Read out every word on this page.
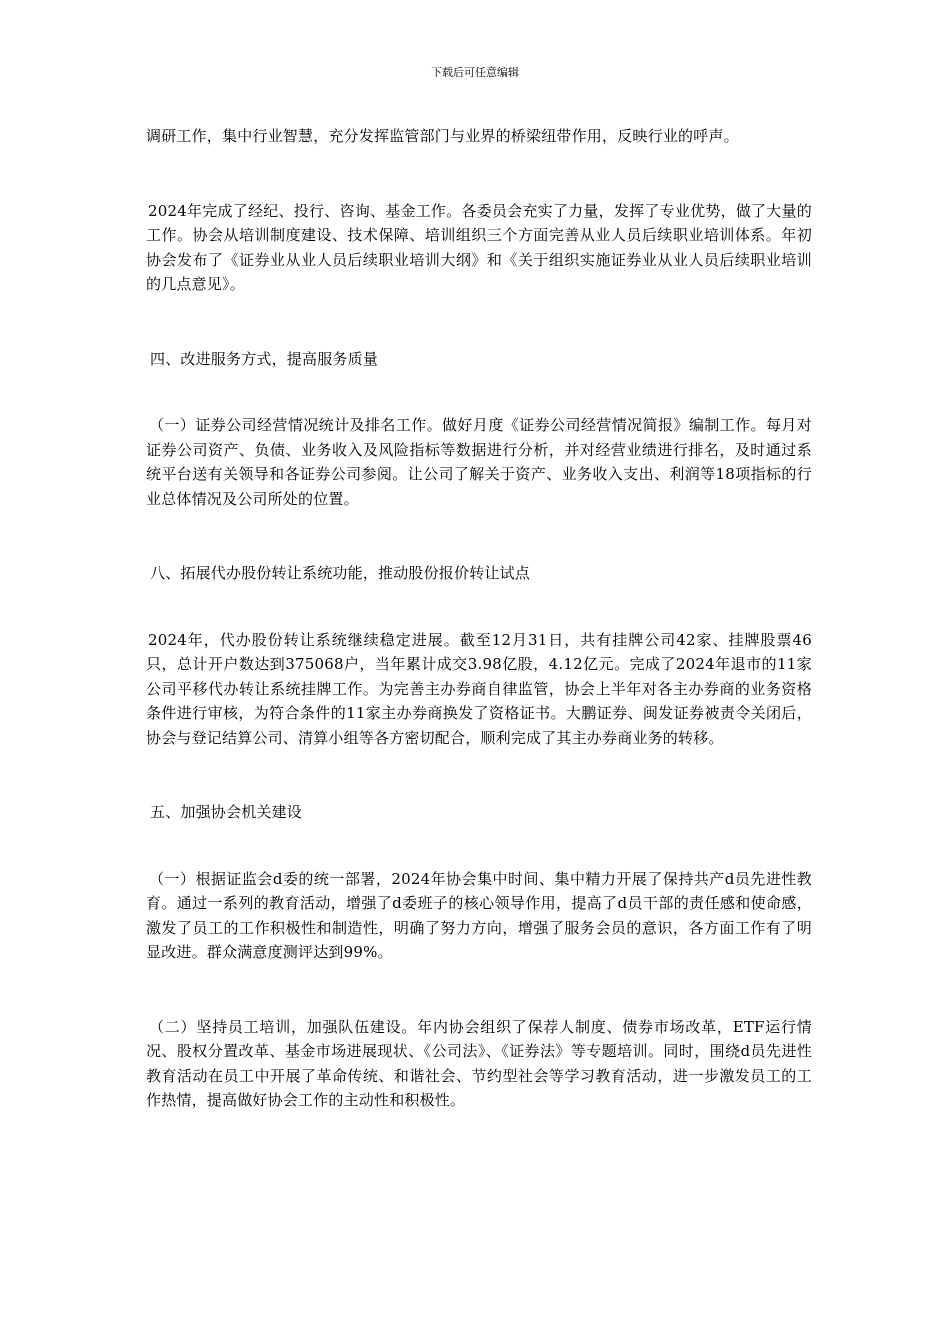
下载后可任意编辑

调研工作，集中行业智慧，充分发挥监管部门与业界的桥梁纽带作用，反映行业的呼声。

2024年完成了经纪、投行、咨询、基金工作。各委员会充实了力量，发挥了专业优势，做了大量的工作。协会从培训制度建设、技术保障、培训组织三个方面完善从业人员后续职业培训体系。年初协会发布了《证券业从业人员后续职业培训大纲》和《关于组织实施证券业从业人员后续职业培训的几点意见》。

四、改进服务方式，提高服务质量

（一）证券公司经营情况统计及排名工作。做好月度《证券公司经营情况简报》编制工作。每月对证券公司资产、负债、业务收入及风险指标等数据进行分析，并对经营业绩进行排名，及时通过系统平台送有关领导和各证券公司参阅。让公司了解关于资产、业务收入支出、利润等18项指标的行业总体情况及公司所处的位置。

八、拓展代办股份转让系统功能，推动股份报价转让试点

2024年，代办股份转让系统继续稳定进展。截至12月31日，共有挂牌公司42家、挂牌股票46只，总计开户数达到375068户，当年累计成交3.98亿股，4.12亿元。完成了2024年退市的11家公司平移代办转让系统挂牌工作。为完善主办券商自律监管，协会上半年对各主办券商的业务资格条件进行审核，为符合条件的11家主办券商换发了资格证书。大鹏证券、闽发证券被责令关闭后，协会与登记结算公司、清算小组等各方密切配合，顺利完成了其主办券商业务的转移。

五、加强协会机关建设

（一）根据证监会d委的统一部署，2024年协会集中时间、集中精力开展了保持共产d员先进性教育。通过一系列的教育活动，增强了d委班子的核心领导作用，提高了d员干部的责任感和使命感，激发了员工的工作积极性和制造性，明确了努力方向，增强了服务会员的意识，各方面工作有了明显改进。群众满意度测评达到99%。

（二）坚持员工培训，加强队伍建设。年内协会组织了保荐人制度、债券市场改革，ETF运行情况、股权分置改革、基金市场进展现状、《公司法》、《证券法》等专题培训。同时，围绕d员先进性教育活动在员工中开展了革命传统、和谐社会、节约型社会等学习教育活动，进一步激发员工的工作热情，提高做好协会工作的主动性和积极性。
